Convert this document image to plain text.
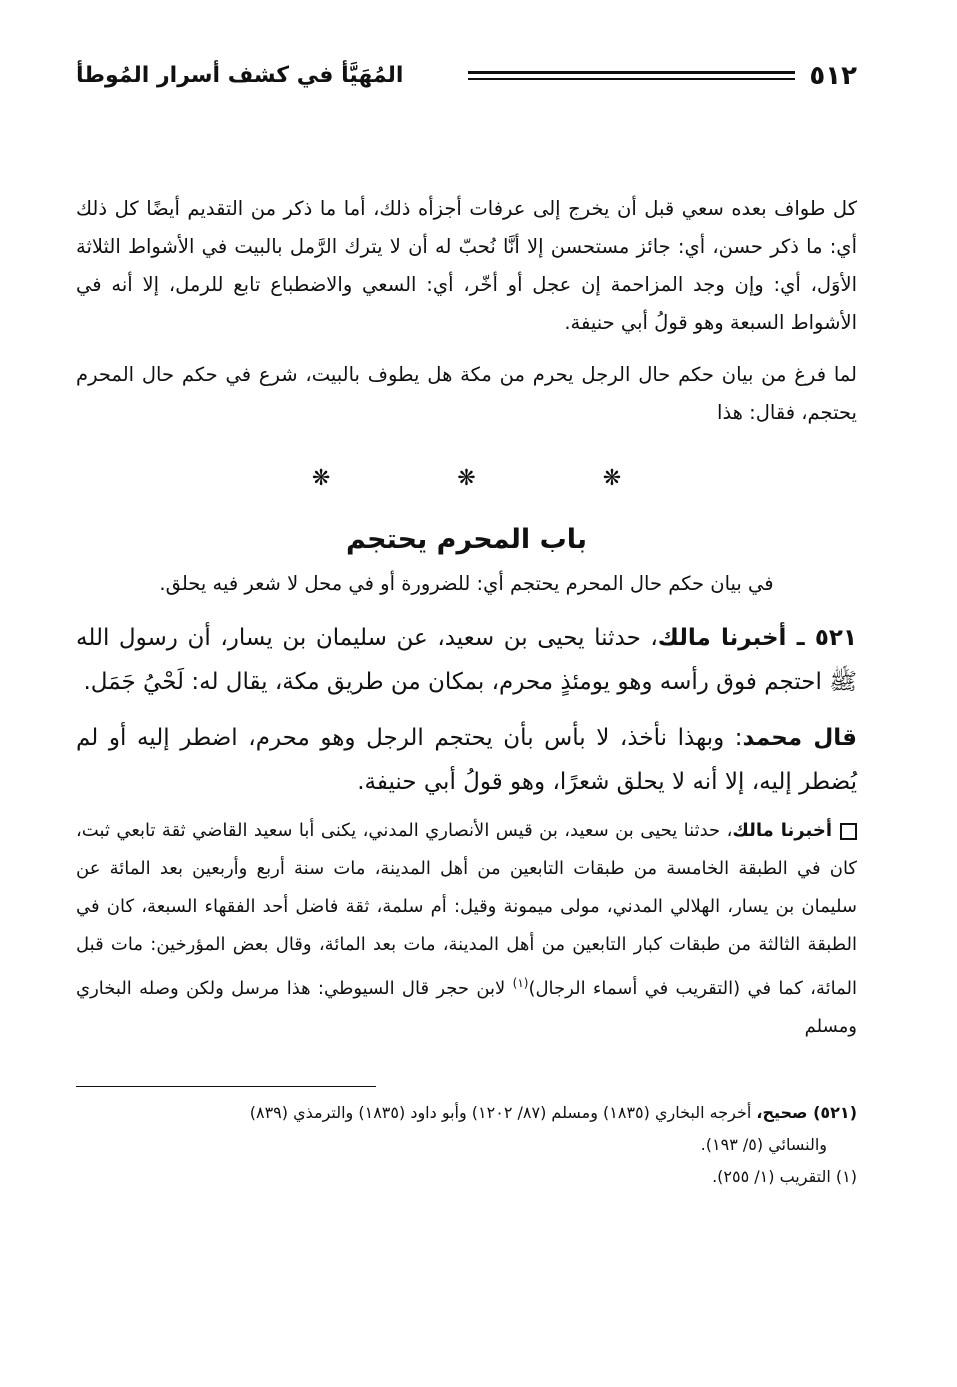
٥١٢
المُهَيَّأ في كشف أسرار المُوطأ

كل طواف بعده سعي قبل أن يخرج إلى عرفات أجزأه ذلك، أما ما ذكر من التقديم أيضًا كل ذلك أي: ما ذكر حسن، أي: جائز مستحسن إلا أنَّا نُحبّ له أن لا يترك الرَّمل بالبيت في الأشواط الثلاثة الأوَل، أي: وإن وجد المزاحمة إن عجل أو أخّر، أي: السعي والاضطباع تابع للرمل، إلا أنه في الأشواط السبعة وهو قولُ أبي حنيفة.

لما فرغ من بيان حكم حال الرجل يحرم من مكة هل يطوف بالبيت، شرع في حكم حال المحرم يحتجم، فقال: هذا

❋ ❋ ❋
باب المحرم يحتجم
في بيان حكم حال المحرم يحتجم أي: للضرورة أو في محل لا شعر فيه يحلق.

٥٢١ ـ أخبرنا مالك، حدثنا يحيى بن سعيد، عن سليمان بن يسار، أن رسول الله ﷺ احتجم فوق رأسه وهو يومئذٍ محرم، بمكان من طريق مكة، يقال له: لَحْيُ جَمَل.

قال محمد: وبهذا نأخذ، لا بأس بأن يحتجم الرجل وهو محرم، اضطر إليه أو لم يُضطر إليه، إلا أنه لا يحلق شعرًا، وهو قولُ أبي حنيفة.

أخبرنا مالك، حدثنا يحيى بن سعيد، بن قيس الأنصاري المدني، يكنى أبا سعيد القاضي ثقة تابعي ثبت، كان في الطبقة الخامسة من طبقات التابعين من أهل المدينة، مات سنة أربع وأربعين بعد المائة عن سليمان بن يسار، الهلالي المدني، مولى ميمونة وقيل: أم سلمة، ثقة فاضل أحد الفقهاء السبعة، كان في الطبقة الثالثة من طبقات كبار التابعين من أهل المدينة، مات بعد المائة، وقال بعض المؤرخين: مات قبل المائة، كما في (التقريب في أسماء الرجال)$^{(١)}$ لابن حجر قال السيوطي: هذا مرسل ولكن وصله البخاري ومسلم

(٥٢١) صحيح، أخرجه البخاري (١٨٣٥) ومسلم (٨٧/ ١٢٠٢) وأبو داود (١٨٣٥) والترمذي (٨٣٩)

والنسائي (٥/ ١٩٣).

(١) التقريب (١/ ٢٥٥).
